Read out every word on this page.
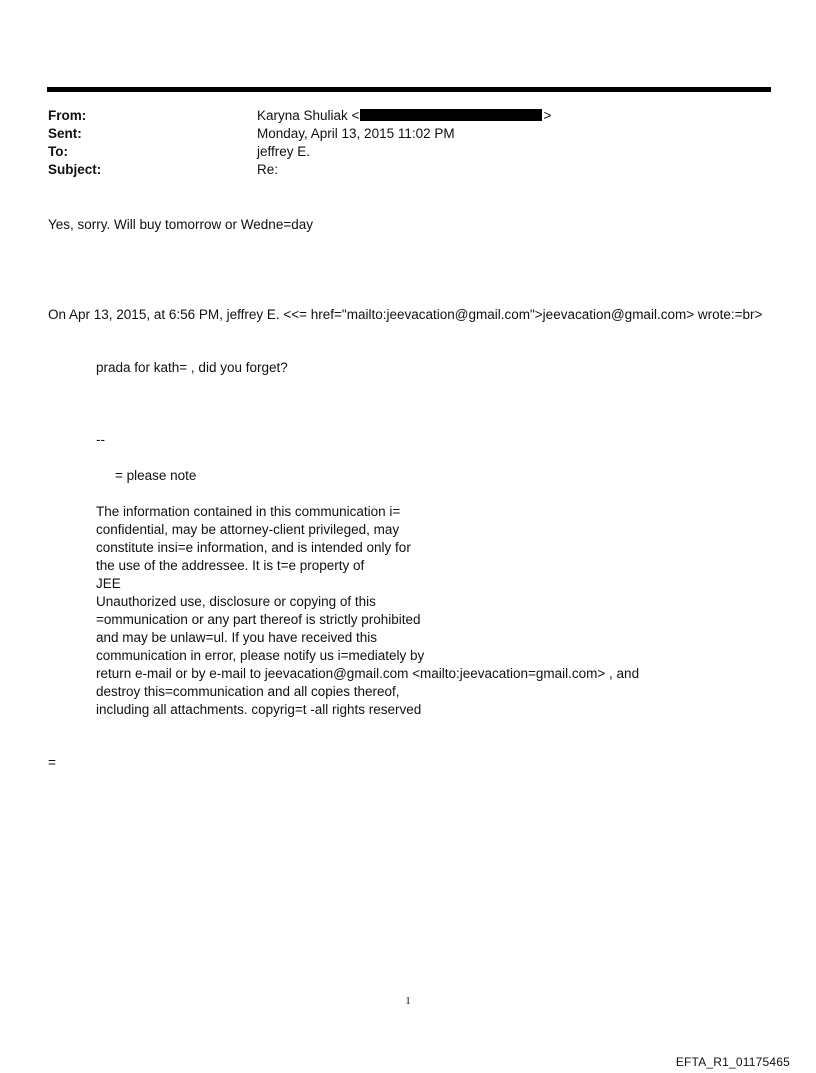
From:	Karyna Shuliak <	>
Sent:	Monday, April 13, 2015 11:02 PM
To:	jeffrey E.
Subject:	Re:
Yes, sorry. Will buy tomorrow or Wedne=day
On Apr 13, 2015, at 6:56 PM, jeffrey E. <<= href="mailto:jeevacation@gmail.com">jeevacation@gmail.com> wrote:=br>
prada for kath= , did you forget?
--
= please note
The information contained in this communication i=
confidential, may be attorney-client privileged, may
constitute insi=e information, and is intended only for
the use of the addressee. It is t=e property of
JEE
Unauthorized use, disclosure or copying of this
=ommunication or any part thereof is strictly prohibited
and may be unlaw=ul. If you have received this
communication in error, please notify us i=mediately by
return e-mail or by e-mail to jeevacation@gmail.com <mailto:jeevacation=gmail.com> , and
destroy this=communication and all copies thereof,
including all attachments. copyrig=t -all rights reserved
=
1
EFTA_R1_01175465
